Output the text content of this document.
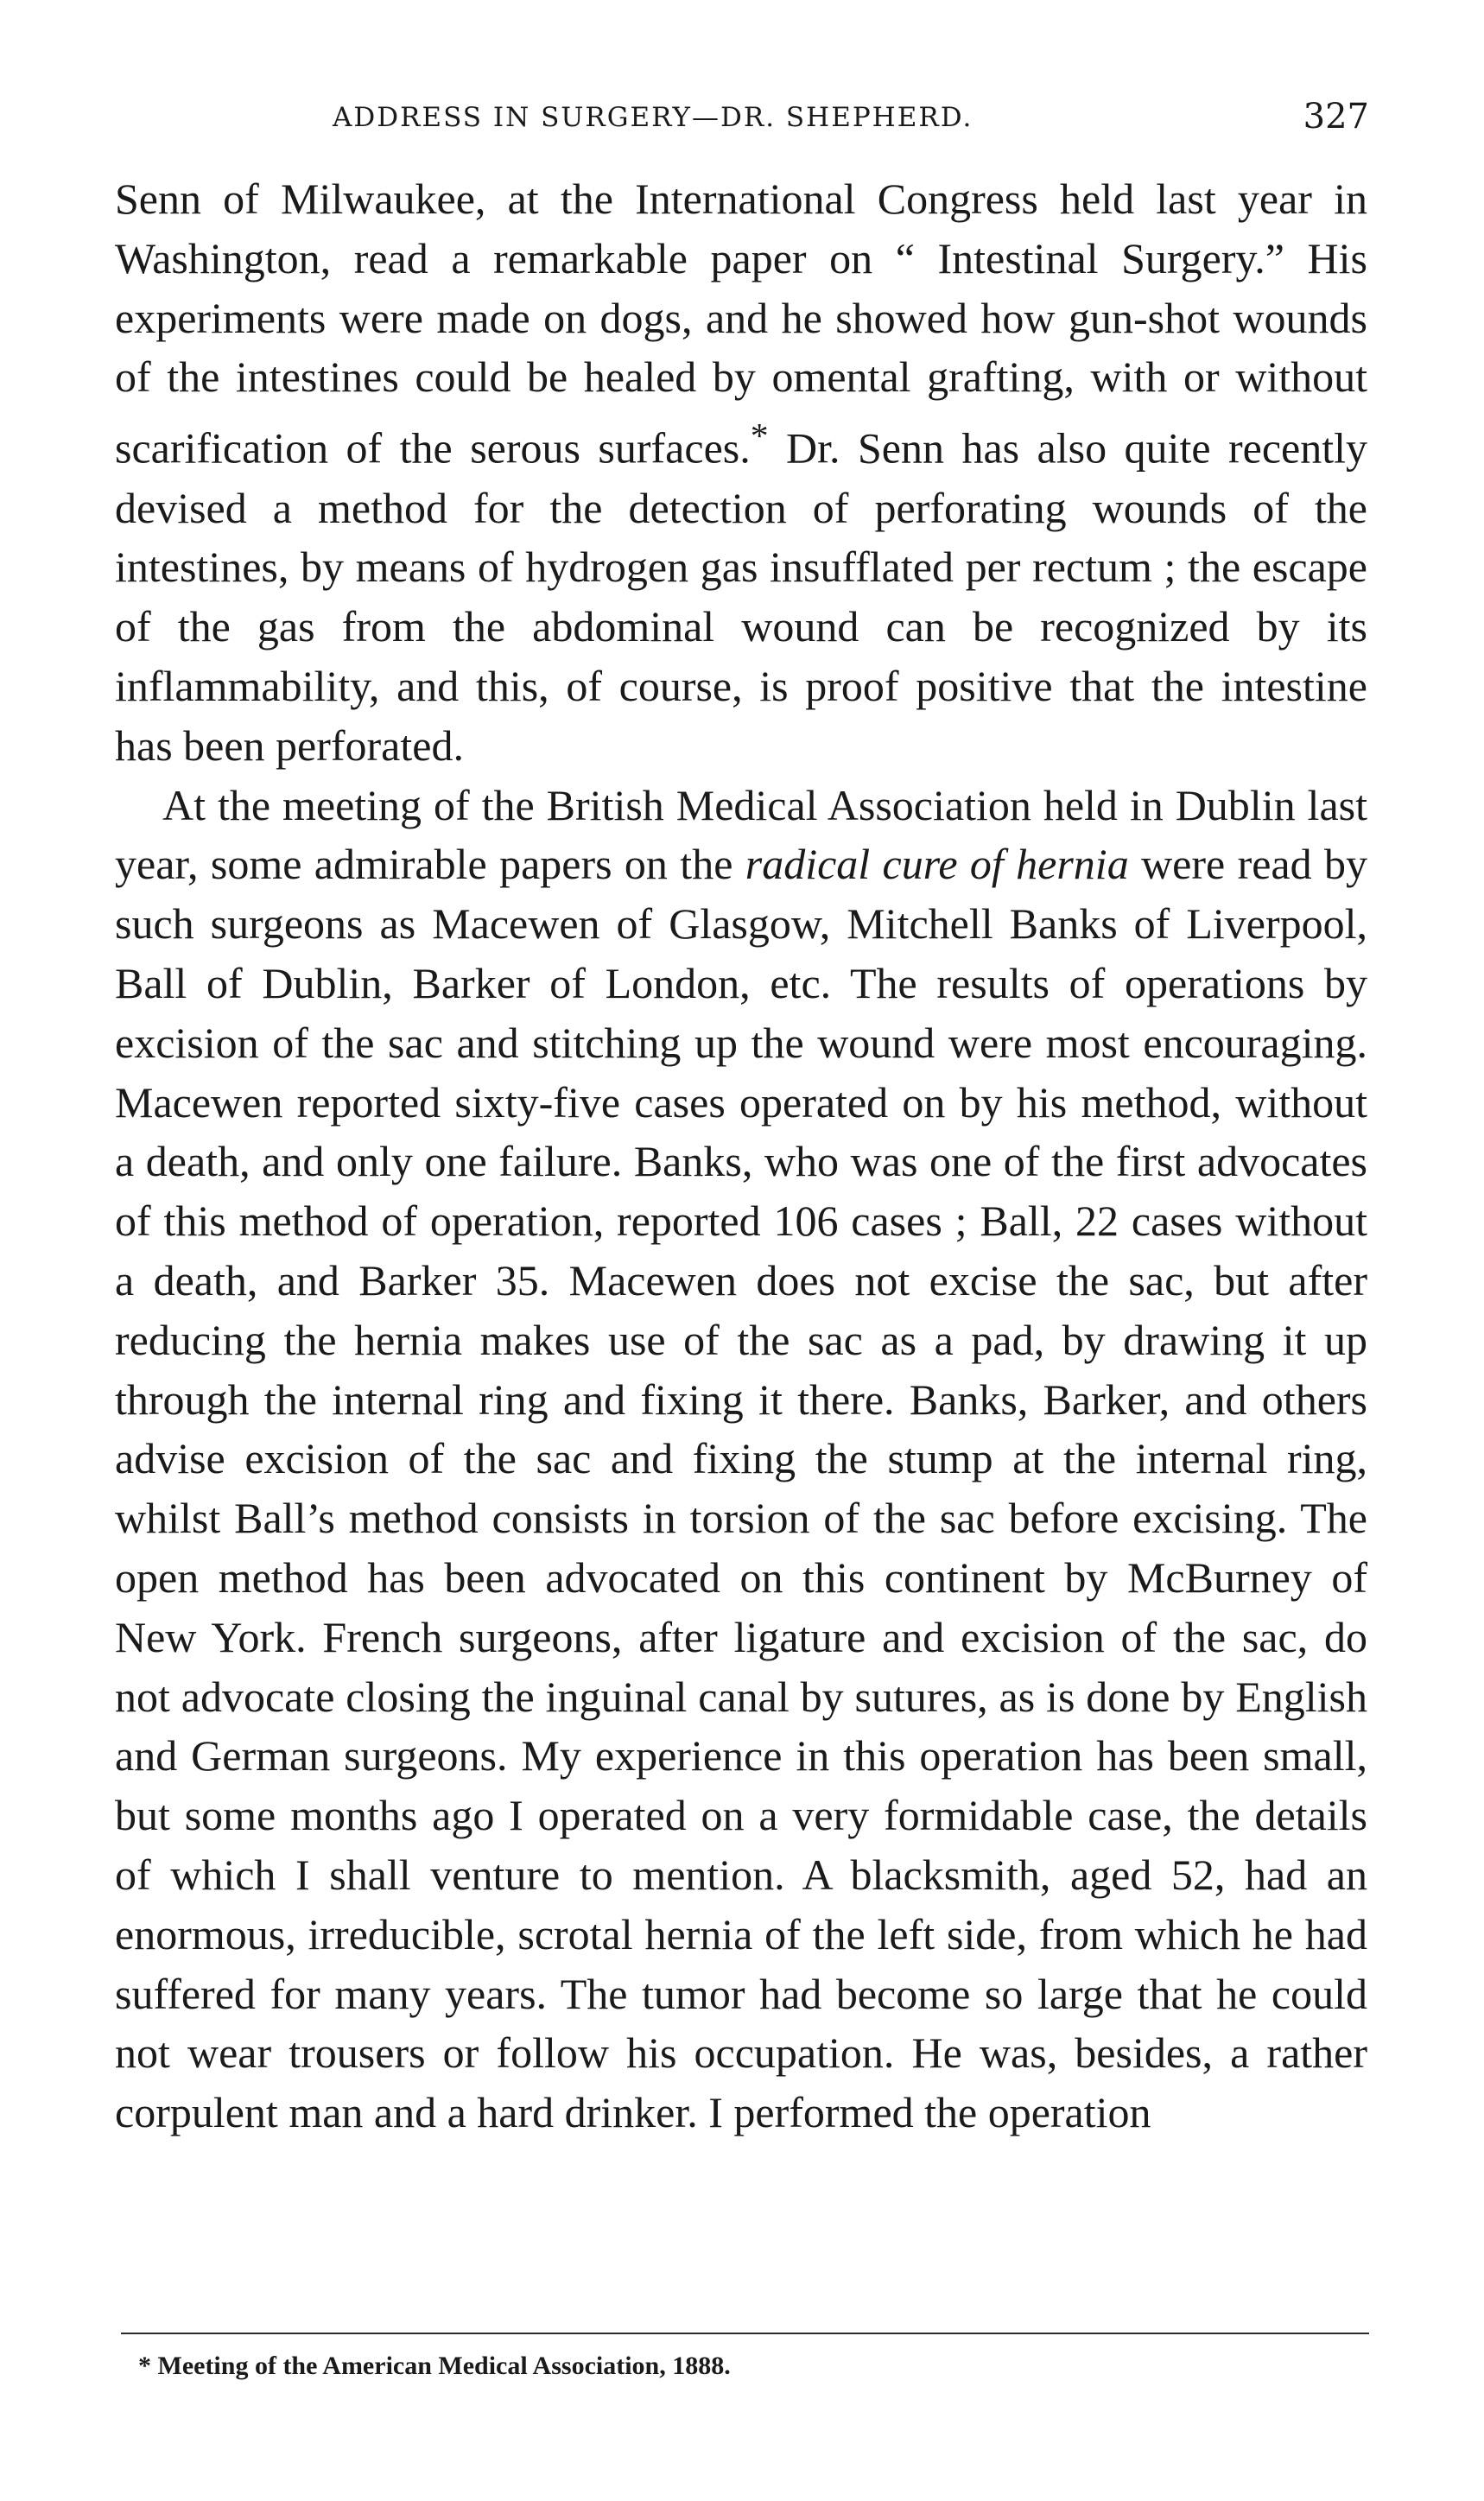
ADDRESS IN SURGERY—DR. SHEPHERD.	327

Senn of Milwaukee, at the International Congress held last year in Washington, read a remarkable paper on “ Intestinal Surgery.” His experiments were made on dogs, and he showed how gun-shot wounds of the intestines could be healed by omental grafting, with or without scarification of the serous surfaces.* Dr. Senn has also quite recently devised a method for the detection of perforating wounds of the intestines, by means of hydrogen gas insufflated per rectum ; the escape of the gas from the abdominal wound can be recognized by its inflammability, and this, of course, is proof positive that the intestine has been perforated.

At the meeting of the British Medical Association held in Dublin last year, some admirable papers on the radical cure of hernia were read by such surgeons as Macewen of Glasgow, Mitchell Banks of Liverpool, Ball of Dublin, Barker of London, etc. The results of operations by excision of the sac and stitching up the wound were most encouraging. Macewen reported sixty-five cases operated on by his method, without a death, and only one failure. Banks, who was one of the first advocates of this method of operation, reported 106 cases ; Ball, 22 cases without a death, and Barker 35. Macewen does not excise the sac, but after reducing the hernia makes use of the sac as a pad, by drawing it up through the internal ring and fixing it there. Banks, Barker, and others advise excision of the sac and fixing the stump at the internal ring, whilst Ball’s method consists in torsion of the sac before excising. The open method has been advocated on this continent by McBurney of New York. French surgeons, after ligature and excision of the sac, do not advocate closing the inguinal canal by sutures, as is done by English and German surgeons. My experience in this operation has been small, but some months ago I operated on a very formidable case, the details of which I shall venture to mention. A blacksmith, aged 52, had an enormous, irreducible, scrotal hernia of the left side, from which he had suffered for many years. The tumor had become so large that he could not wear trousers or follow his occupation. He was, besides, a rather corpulent man and a hard drinker. I performed the operation

* Meeting of the American Medical Association, 1888.
